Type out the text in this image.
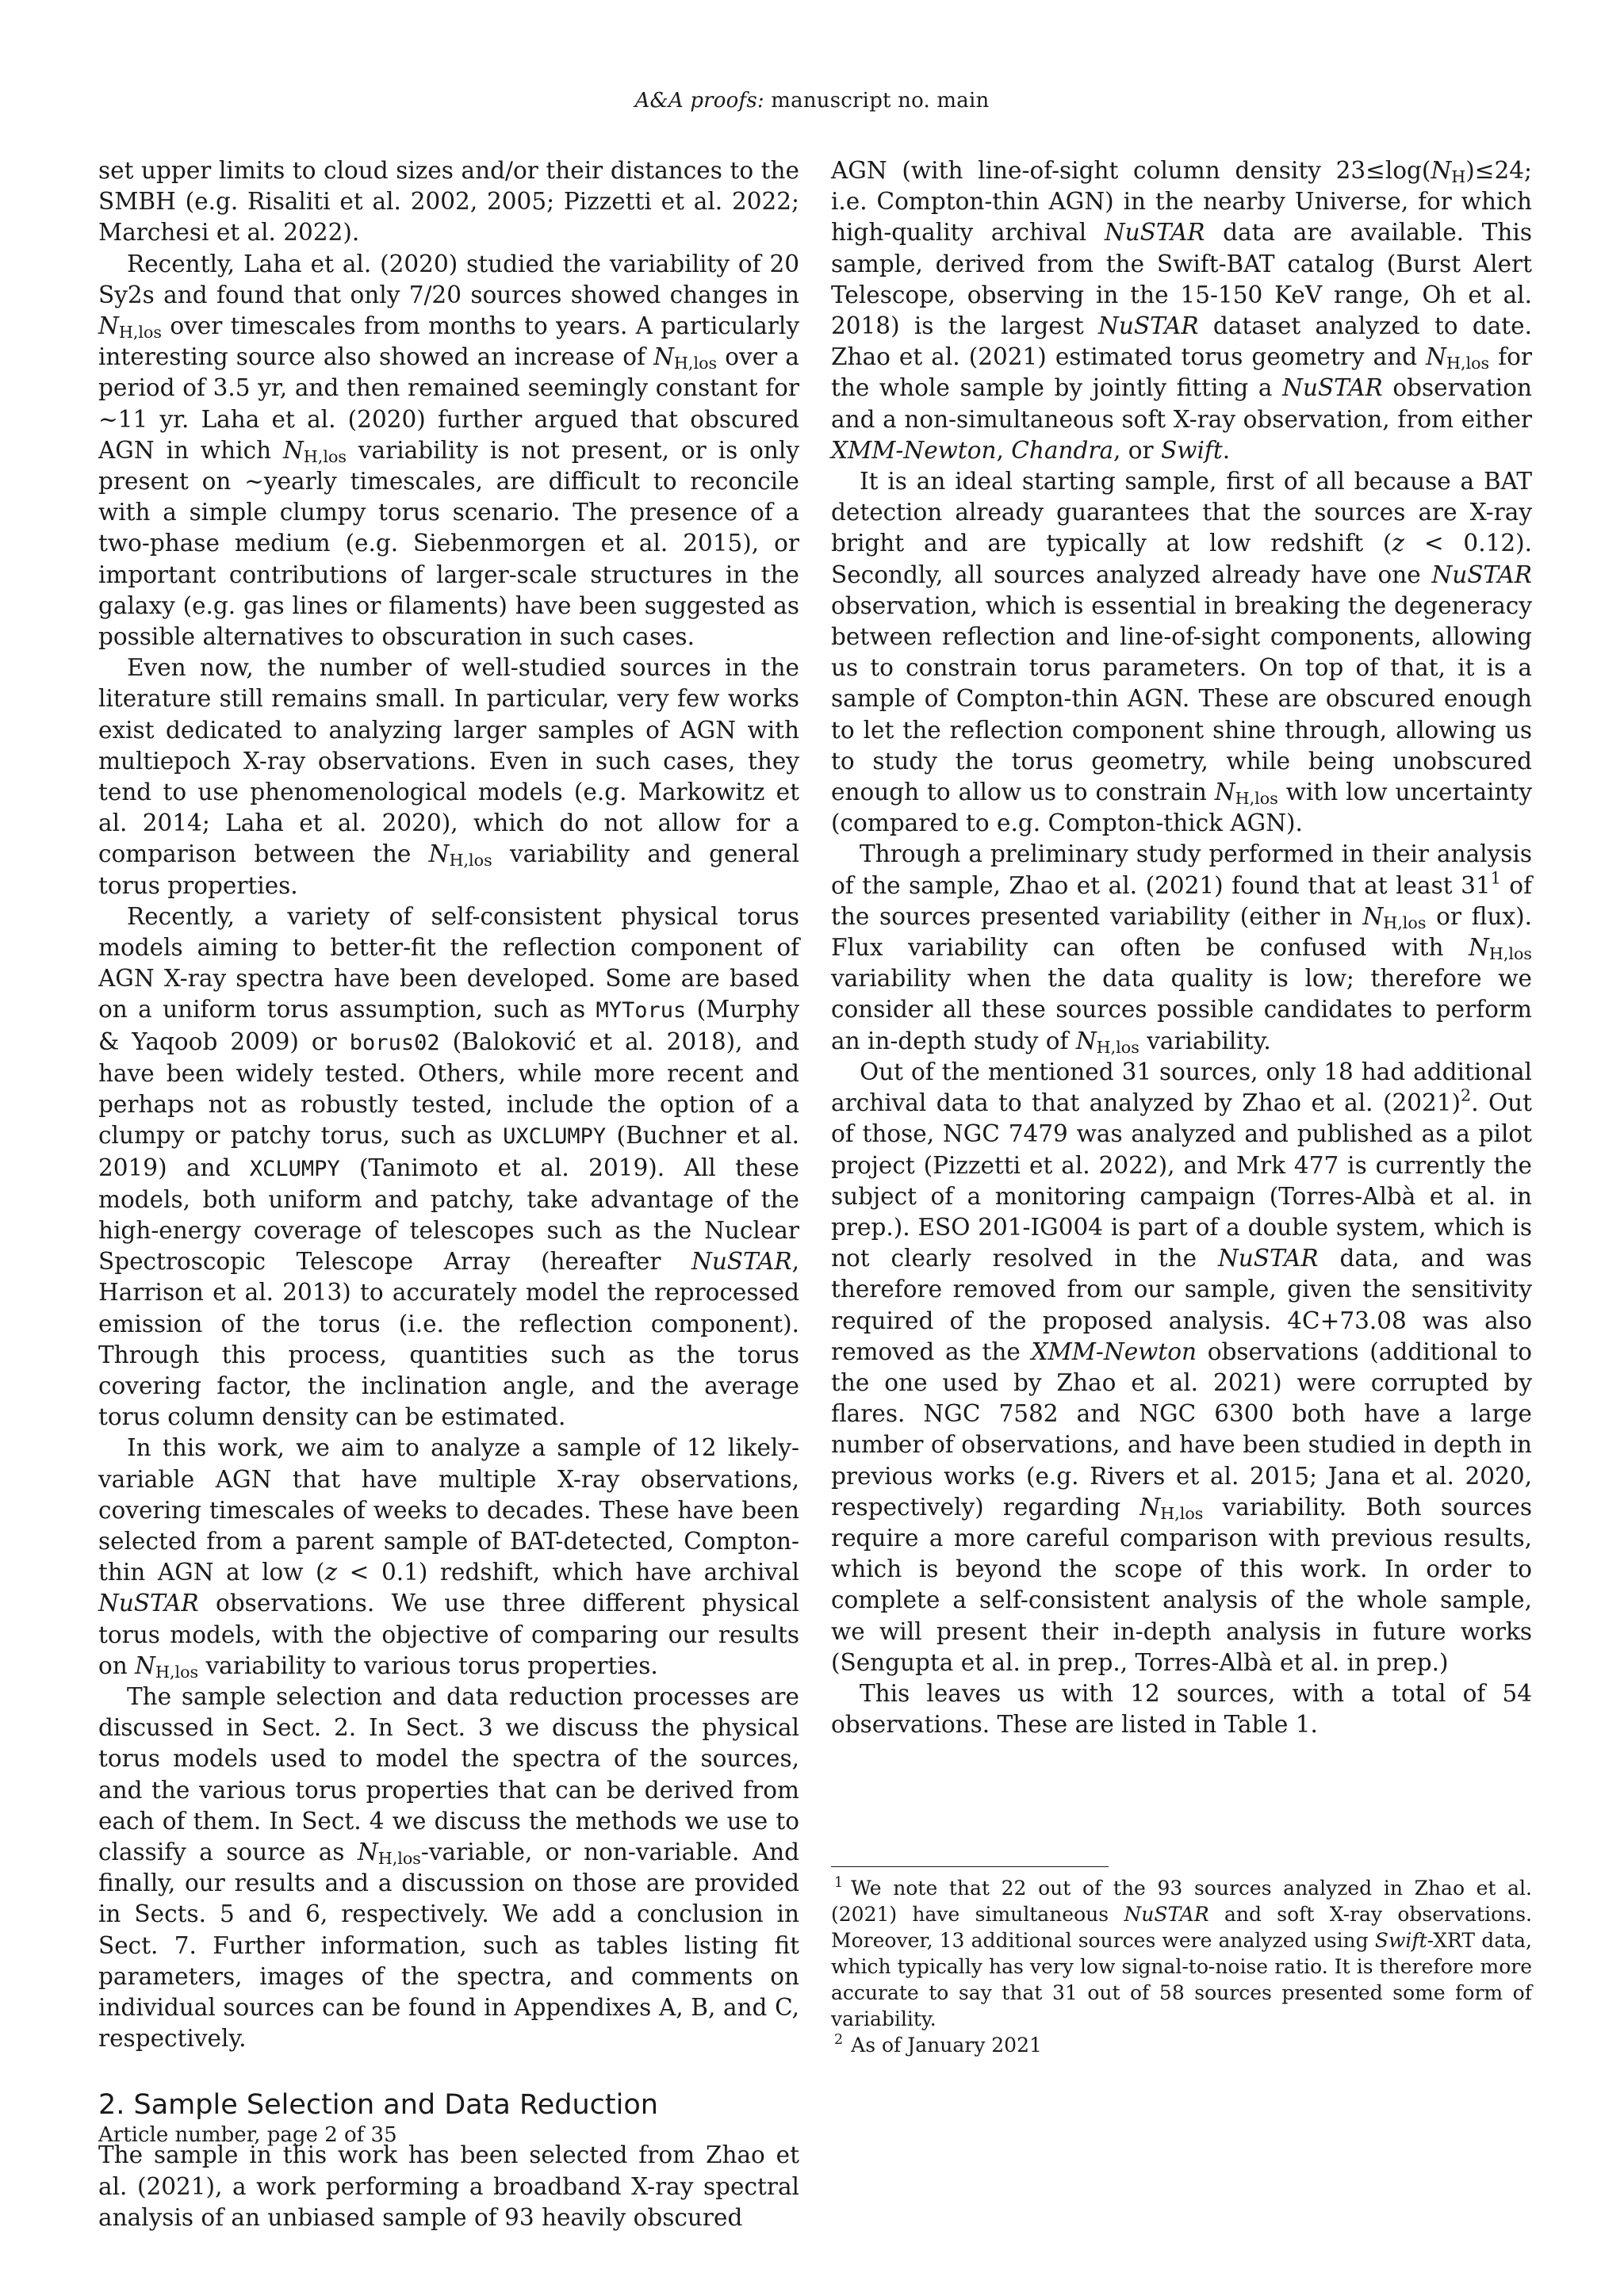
A&A proofs: manuscript no. main

set upper limits to cloud sizes and/or their distances to the SMBH (e.g. Risaliti et al. 2002, 2005; Pizzetti et al. 2022; Marchesi et al. 2022).

Recently, Laha et al. (2020) studied the variability of 20 Sy2s and found that only 7/20 sources showed changes in $N_{H,los}$ over timescales from months to years. A particularly interesting source also showed an increase of $N_{H,los}$ over a period of 3.5 yr, and then remained seemingly constant for ∼11 yr. Laha et al. (2020) further argued that obscured AGN in which $N_{H,los}$ variability is not present, or is only present on ∼yearly timescales, are difficult to reconcile with a simple clumpy torus scenario. The presence of a two-phase medium (e.g. Siebenmorgen et al. 2015), or important contributions of larger-scale structures in the galaxy (e.g. gas lines or filaments) have been suggested as possible alternatives to obscuration in such cases.

Even now, the number of well-studied sources in the literature still remains small. In particular, very few works exist dedicated to analyzing larger samples of AGN with multiepoch X-ray observations. Even in such cases, they tend to use phenomenological models (e.g. Markowitz et al. 2014; Laha et al. 2020), which do not allow for a comparison between the $N_{H,los}$ variability and general torus properties.

Recently, a variety of self-consistent physical torus models aiming to better-fit the reflection component of AGN X-ray spectra have been developed. Some are based on a uniform torus assumption, such as MYTorus (Murphy & Yaqoob 2009) or borus02 (Baloković et al. 2018), and have been widely tested. Others, while more recent and perhaps not as robustly tested, include the option of a clumpy or patchy torus, such as UXCLUMPY (Buchner et al. 2019) and XCLUMPY (Tanimoto et al. 2019). All these models, both uniform and patchy, take advantage of the high-energy coverage of telescopes such as the Nuclear Spectroscopic Telescope Array (hereafter NuSTAR, Harrison et al. 2013) to accurately model the reprocessed emission of the torus (i.e. the reflection component). Through this process, quantities such as the torus covering factor, the inclination angle, and the average torus column density can be estimated.

In this work, we aim to analyze a sample of 12 likely-variable AGN that have multiple X-ray observations, covering timescales of weeks to decades. These have been selected from a parent sample of BAT-detected, Compton-thin AGN at low (z < 0.1) redshift, which have archival NuSTAR observations. We use three different physical torus models, with the objective of comparing our results on $N_{H,los}$ variability to various torus properties.

The sample selection and data reduction processes are discussed in Sect. 2. In Sect. 3 we discuss the physical torus models used to model the spectra of the sources, and the various torus properties that can be derived from each of them. In Sect. 4 we discuss the methods we use to classify a source as $N_{H,los}$-variable, or non-variable. And finally, our results and a discussion on those are provided in Sects. 5 and 6, respectively. We add a conclusion in Sect. 7. Further information, such as tables listing fit parameters, images of the spectra, and comments on individual sources can be found in Appendixes A, B, and C, respectively.

2. Sample Selection and Data Reduction

The sample in this work has been selected from Zhao et al. (2021), a work performing a broadband X-ray spectral analysis of an unbiased sample of 93 heavily obscured

AGN (with line-of-sight column density $23\le\log(N_H)\le 24$; i.e. Compton-thin AGN) in the nearby Universe, for which high-quality archival NuSTAR data are available. This sample, derived from the Swift-BAT catalog (Burst Alert Telescope, observing in the 15-150 KeV range, Oh et al. 2018) is the largest NuSTAR dataset analyzed to date. Zhao et al. (2021) estimated torus geometry and $N_{H,los}$ for the whole sample by jointly fitting a NuSTAR observation and a non-simultaneous soft X-ray observation, from either XMM-Newton, Chandra, or Swift.

It is an ideal starting sample, first of all because a BAT detection already guarantees that the sources are X-ray bright and are typically at low redshift (z < 0.12). Secondly, all sources analyzed already have one NuSTAR observation, which is essential in breaking the degeneracy between reflection and line-of-sight components, allowing us to constrain torus parameters. On top of that, it is a sample of Compton-thin AGN. These are obscured enough to let the reflection component shine through, allowing us to study the torus geometry, while being unobscured enough to allow us to constrain $N_{H,los}$ with low uncertainty (compared to e.g. Compton-thick AGN).

Through a preliminary study performed in their analysis of the sample, Zhao et al. (2021) found that at least $31^1$ of the sources presented variability (either in $N_{H,los}$ or flux). Flux variability can often be confused with $N_{H,los}$ variability when the data quality is low; therefore we consider all these sources possible candidates to perform an in-depth study of $N_{H,los}$ variability.

Out of the mentioned 31 sources, only 18 had additional archival data to that analyzed by Zhao et al. $(2021)^2$. Out of those, NGC 7479 was analyzed and published as a pilot project (Pizzetti et al. 2022), and Mrk 477 is currently the subject of a monitoring campaign (Torres-Albà et al. in prep.). ESO 201-IG004 is part of a double system, which is not clearly resolved in the NuSTAR data, and was therefore removed from our sample, given the sensitivity required of the proposed analysis. 4C+73.08 was also removed as the XMM-Newton observations (additional to the one used by Zhao et al. 2021) were corrupted by flares. NGC 7582 and NGC 6300 both have a large number of observations, and have been studied in depth in previous works (e.g. Rivers et al. 2015; Jana et al. 2020, respectively) regarding $N_{H,los}$ variability. Both sources require a more careful comparison with previous results, which is beyond the scope of this work. In order to complete a self-consistent analysis of the whole sample, we will present their in-depth analysis in future works (Sengupta et al. in prep., Torres-Albà et al. in prep.)

This leaves us with 12 sources, with a total of 54 observations. These are listed in Table 1.

$^1$ We note that 22 out of the 93 sources analyzed in Zhao et al. (2021) have simultaneous NuSTAR and soft X-ray observations. Moreover, 13 additional sources were analyzed using Swift-XRT data, which typically has very low signal-to-noise ratio. It is therefore more accurate to say that 31 out of 58 sources presented some form of variability.

$^2$ As of January 2021

Article number, page 2 of 35
